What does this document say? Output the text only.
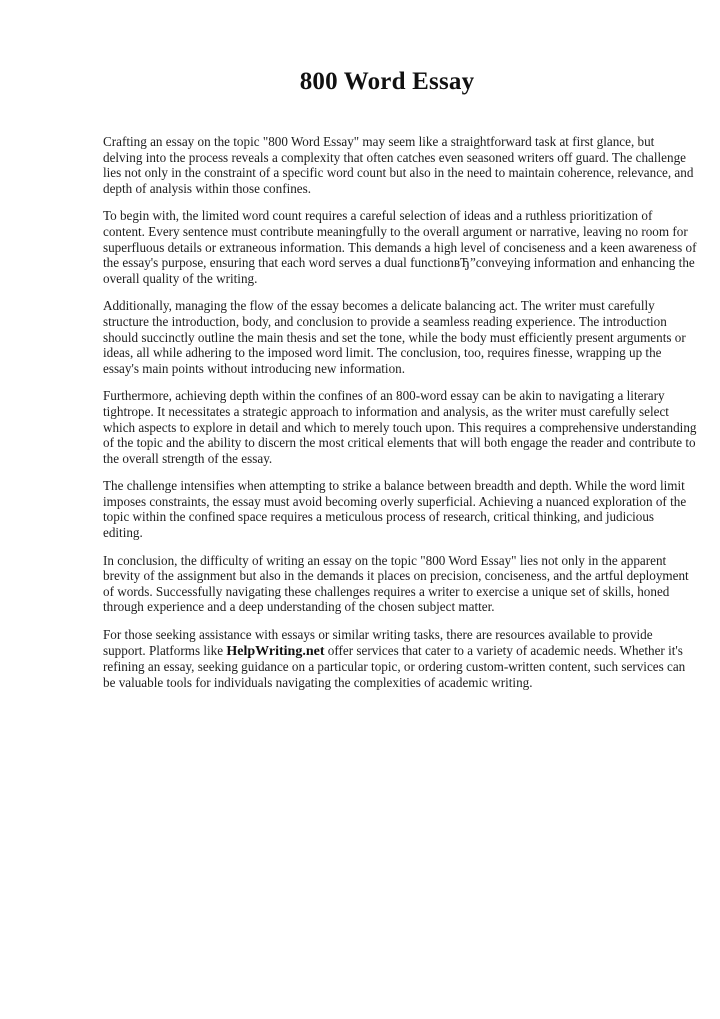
800 Word Essay

Crafting an essay on the topic "800 Word Essay" may seem like a straightforward task at first glance, but delving into the process reveals a complexity that often catches even seasoned writers off guard. The challenge lies not only in the constraint of a specific word count but also in the need to maintain coherence, relevance, and depth of analysis within those confines.

To begin with, the limited word count requires a careful selection of ideas and a ruthless prioritization of content. Every sentence must contribute meaningfully to the overall argument or narrative, leaving no room for superfluous details or extraneous information. This demands a high level of conciseness and a keen awareness of the essay's purpose, ensuring that each word serves a dual functionвЂ”conveying information and enhancing the overall quality of the writing.

Additionally, managing the flow of the essay becomes a delicate balancing act. The writer must carefully structure the introduction, body, and conclusion to provide a seamless reading experience. The introduction should succinctly outline the main thesis and set the tone, while the body must efficiently present arguments or ideas, all while adhering to the imposed word limit. The conclusion, too, requires finesse, wrapping up the essay's main points without introducing new information.

Furthermore, achieving depth within the confines of an 800-word essay can be akin to navigating a literary tightrope. It necessitates a strategic approach to information and analysis, as the writer must carefully select which aspects to explore in detail and which to merely touch upon. This requires a comprehensive understanding of the topic and the ability to discern the most critical elements that will both engage the reader and contribute to the overall strength of the essay.

The challenge intensifies when attempting to strike a balance between breadth and depth. While the word limit imposes constraints, the essay must avoid becoming overly superficial. Achieving a nuanced exploration of the topic within the confined space requires a meticulous process of research, critical thinking, and judicious editing.

In conclusion, the difficulty of writing an essay on the topic "800 Word Essay" lies not only in the apparent brevity of the assignment but also in the demands it places on precision, conciseness, and the artful deployment of words. Successfully navigating these challenges requires a writer to exercise a unique set of skills, honed through experience and a deep understanding of the chosen subject matter.

For those seeking assistance with essays or similar writing tasks, there are resources available to provide support. Platforms like HelpWriting.net offer services that cater to a variety of academic needs. Whether it's refining an essay, seeking guidance on a particular topic, or ordering custom-written content, such services can be valuable tools for individuals navigating the complexities of academic writing.
